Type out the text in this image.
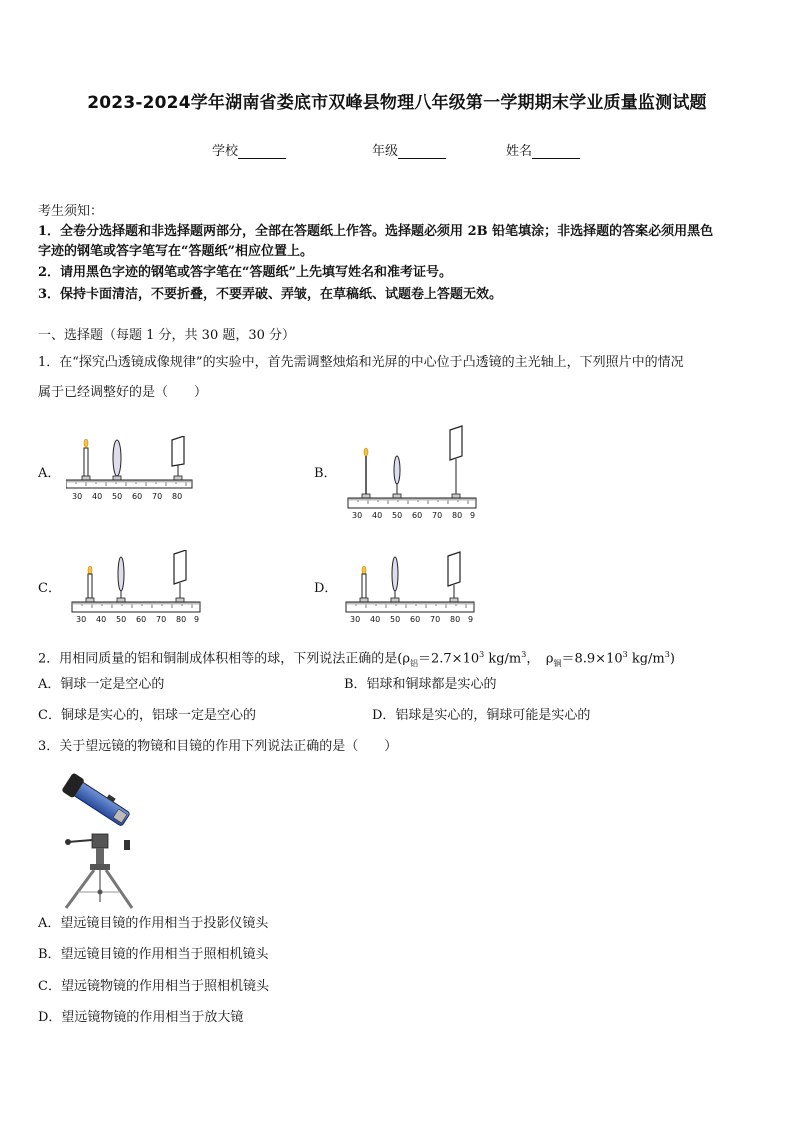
2023-2024学年湖南省娄底市双峰县物理八年级第一学期期末学业质量监测试题
学校	年级	姓名
考生须知：
1．全卷分选择题和非选择题两部分，全部在答题纸上作答。选择题必须用 2B 铅笔填涂；非选择题的答案必须用黑色
字迹的钢笔或答字笔写在“答题纸”相应位置上。
2．请用黑色字迹的钢笔或答字笔在“答题纸”上先填写姓名和准考证号。
3．保持卡面清洁，不要折叠，不要弄破、弄皱，在草稿纸、试题卷上答题无效。
一、选择题（每题 1 分，共 30 题，30 分）
1．在“探究凸透镜成像规律”的实验中，首先需调整烛焰和光屏的中心位于凸透镜的主光轴上，下列照片中的情况
属于已经调整好的是（　　）
A．	B．
C．	D．
30 40 50 60 70 80
30 40 50 60 70 80 9
30 40 50 60 70 80 9	30 40 50 60 70 80 9
2．用相同质量的铝和铜制成体积相等的球，下列说法正确的是($\rho_铝=2.7\times 10^3$ $kg/m^3$，　$\rho_铜=8.9\times 10^3$ $kg/m^3$)
A．铜球一定是空心的	B．铝球和铜球都是实心的
C．铜球是实心的，铝球一定是空心的	D．铝球是实心的，铜球可能是实心的
3．关于望远镜的物镜和目镜的作用下列说法正确的是（　　）
A．望远镜目镜的作用相当于投影仪镜头
B．望远镜目镜的作用相当于照相机镜头
C．望远镜物镜的作用相当于照相机镜头
D．望远镜物镜的作用相当于放大镜
